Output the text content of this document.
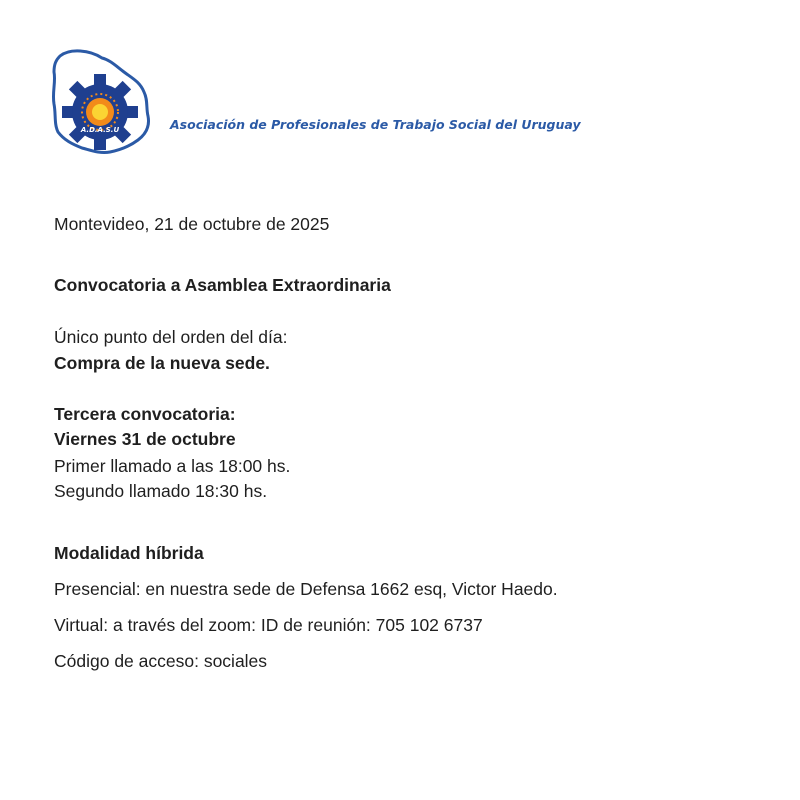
A.D.A.S.U	Asociación de Profesionales de Trabajo Social del Uruguay
Montevideo, 21 de octubre de 2025
Convocatoria a Asamblea Extraordinaria
Único punto del orden del día:
Compra de la nueva sede.
Tercera convocatoria:
Viernes 31 de octubre
Primer llamado a las 18:00 hs.
Segundo llamado 18:30 hs.
Modalidad híbrida
Presencial: en nuestra sede de Defensa 1662 esq, Victor Haedo.
Virtual: a través del zoom: ID de reunión: 705 102 6737
Código de acceso: sociales
